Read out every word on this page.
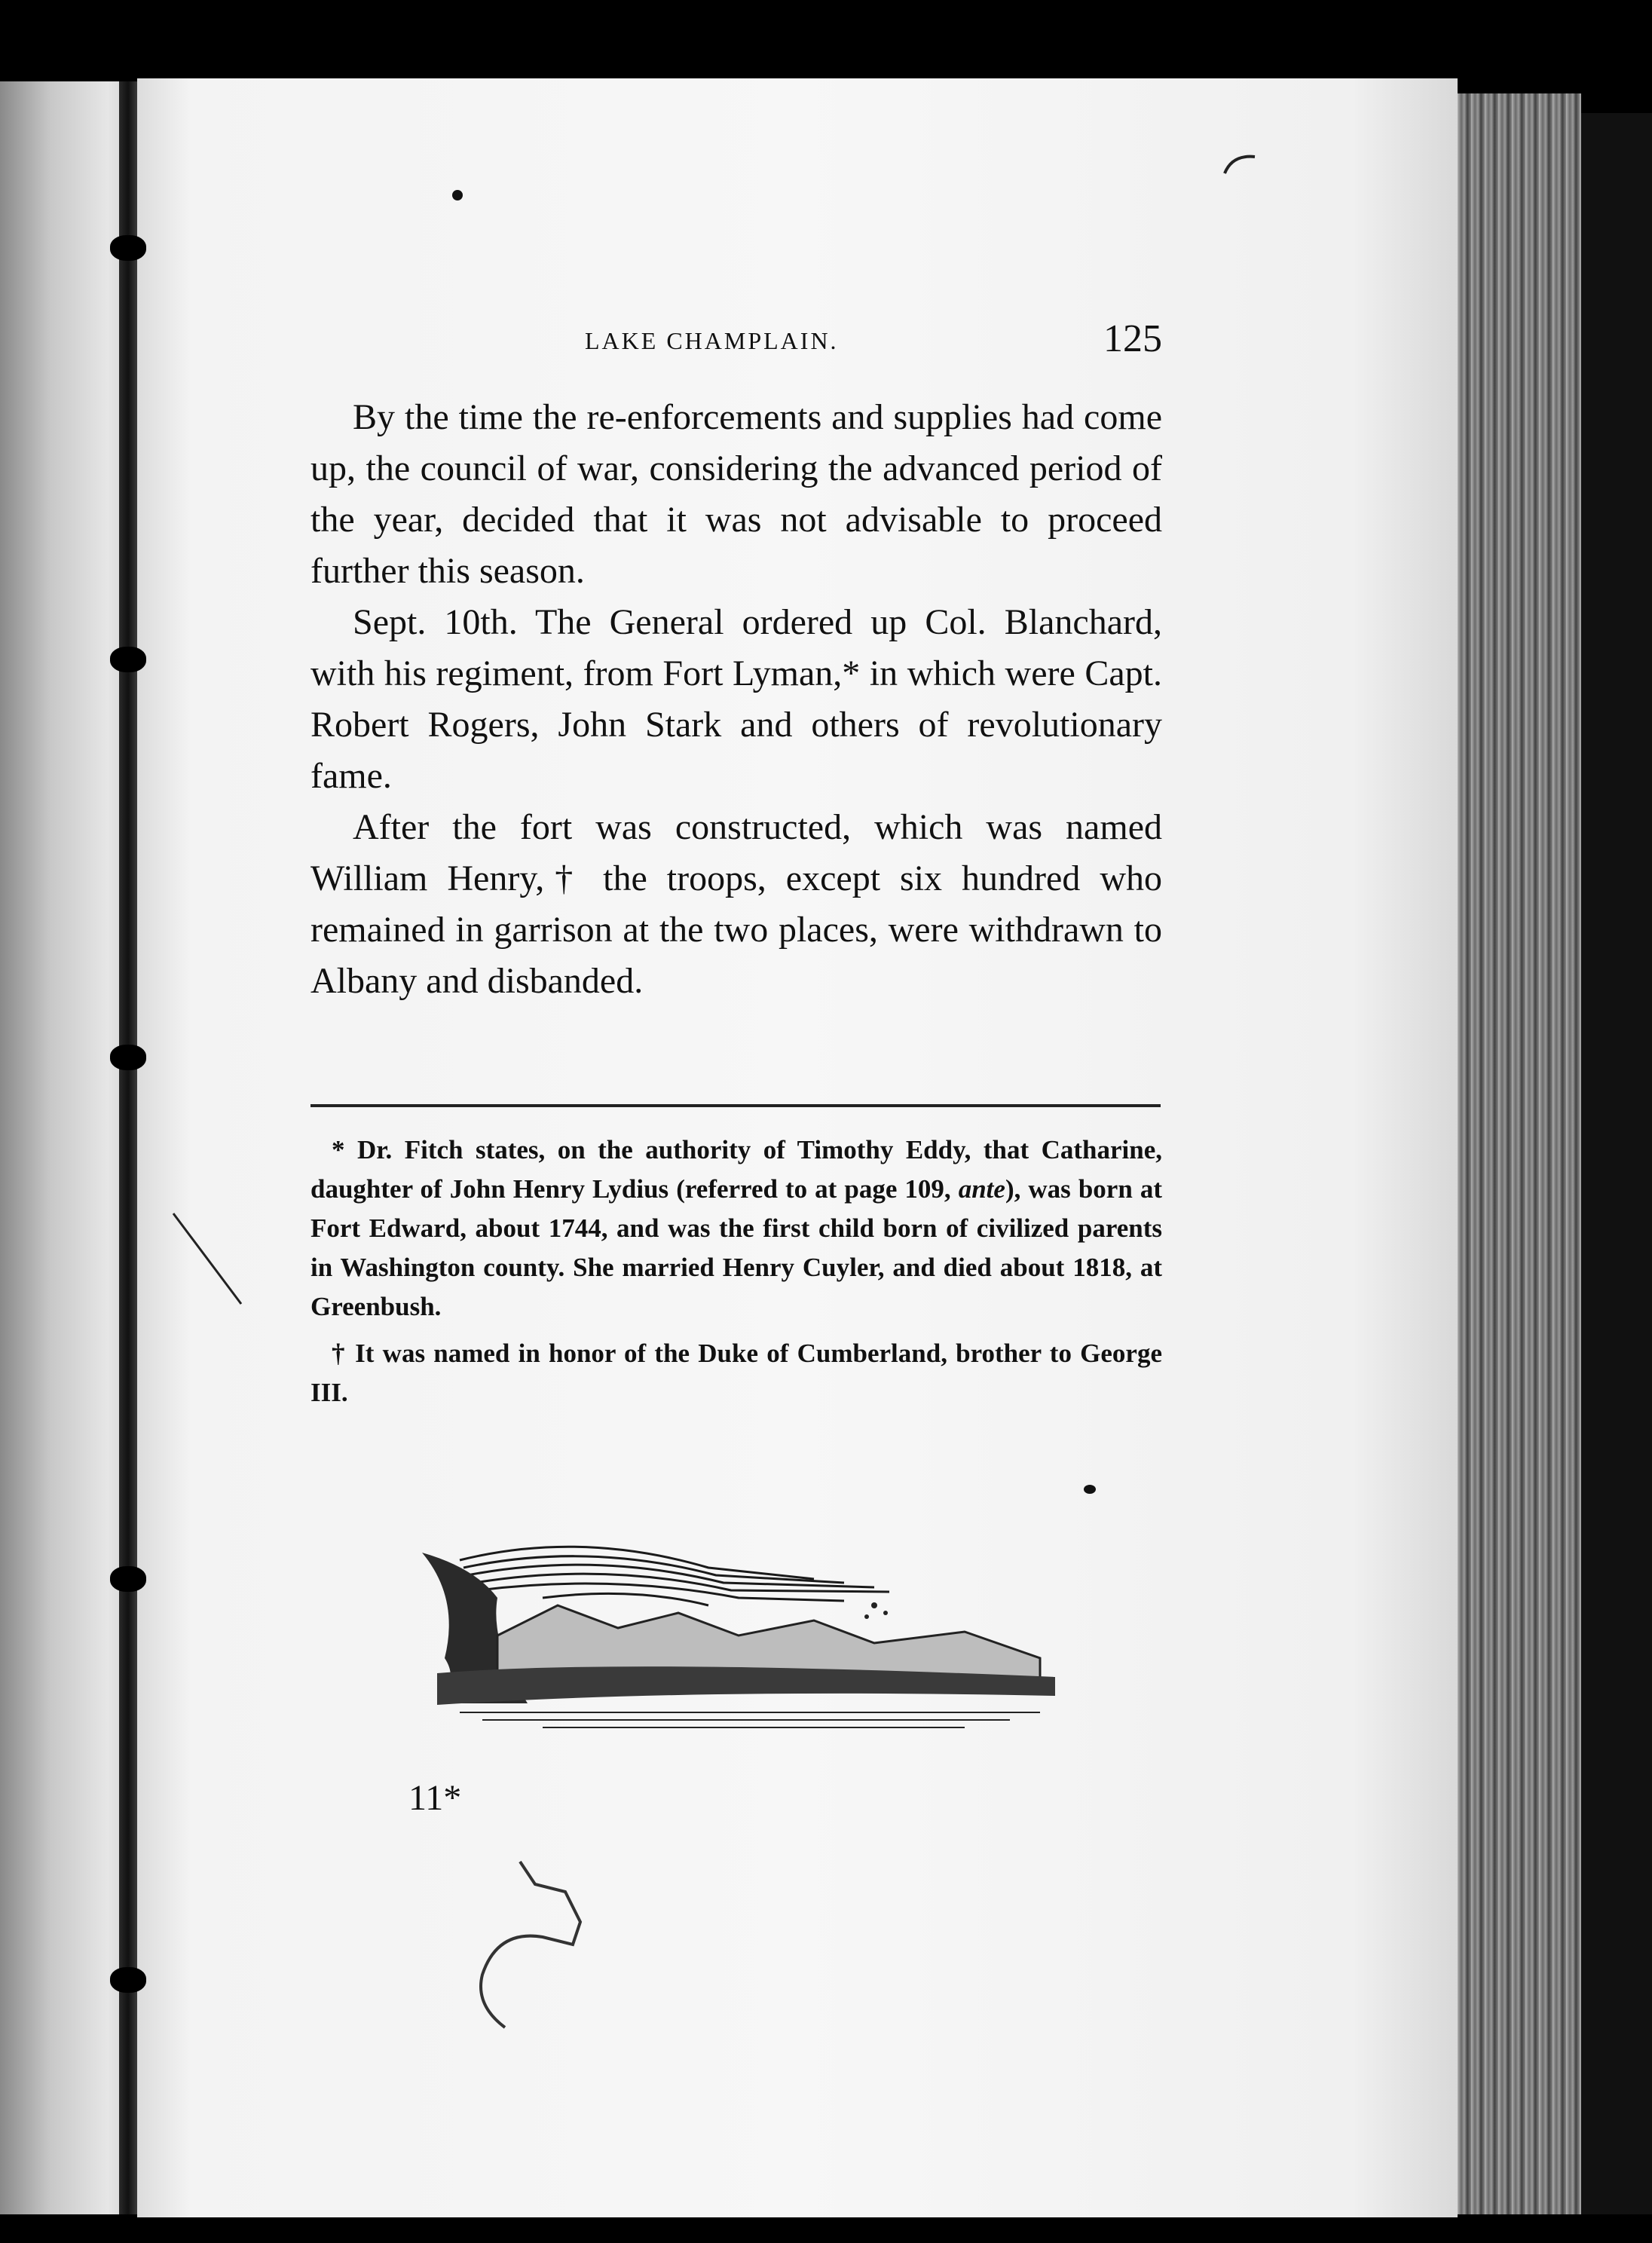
LAKE CHAMPLAIN.	125

By the time the re-enforcements and supplies had come up, the council of war, considering the advanced period of the year, decided that it was not advisable to proceed further this season.

Sept. 10th. The General ordered up Col. Blanchard, with his regiment, from Fort Lyman,* in which were Capt. Robert Rogers, John Stark and others of revolutionary fame.

After the fort was constructed, which was named William Henry,† the troops, except six hundred who remained in garrison at the two places, were withdrawn to Albany and disbanded.

* Dr. Fitch states, on the authority of Timothy Eddy, that Catharine, daughter of John Henry Lydius (referred to at page 109, ante), was born at Fort Edward, about 1744, and was the first child born of civilized parents in Washington county. She married Henry Cuyler, and died about 1818, at Greenbush.

† It was named in honor of the Duke of Cumberland, brother to George III.

11*
